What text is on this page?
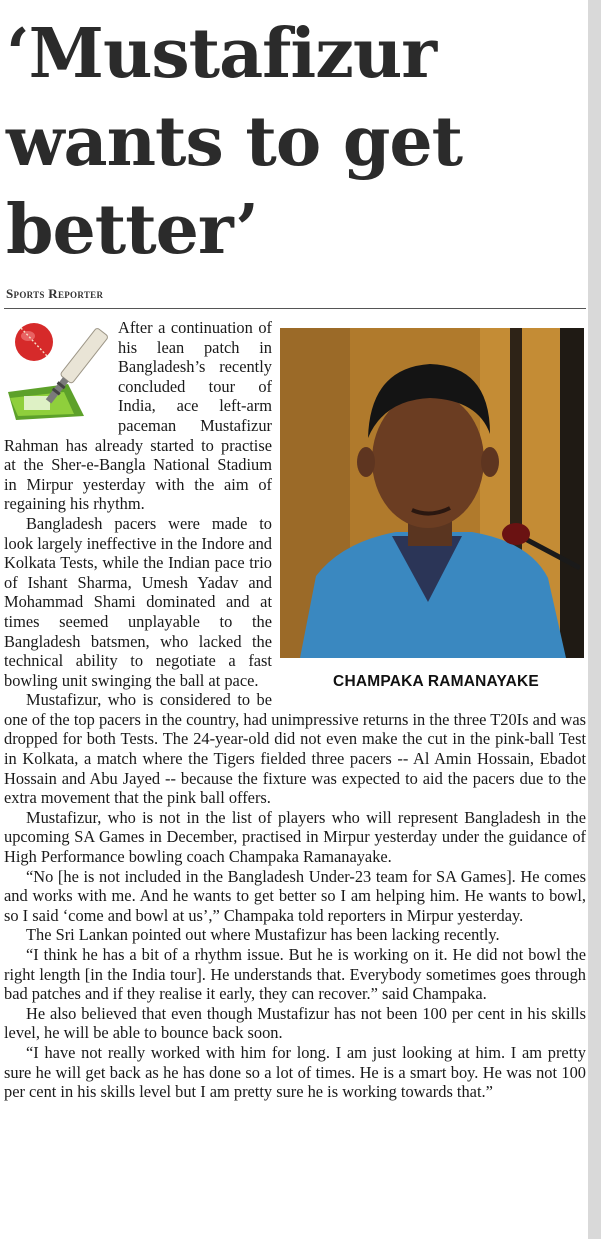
‘Mustafizur wants to get better’
Sports Reporter
CHAMPAKA RAMANAYAKE

After a continuation of his lean patch in Bangladesh’s recently concluded tour of India, ace left-arm paceman Mustafizur Rahman has already started to practise at the Sher-e-Bangla National Stadium in Mirpur yesterday with the aim of regaining his rhythm.

Bangladesh pacers were made to look largely ineffective in the Indore and Kolkata Tests, while the Indian pace trio of Ishant Sharma, Umesh Yadav and Mohammad Shami dominated and at times seemed unplayable to the Bangladesh batsmen, who lacked the technical ability to negotiate a fast bowling unit swinging the ball at pace.

Mustafizur, who is considered to be one of the top pacers in the country, had unimpressive returns in the three T20Is and was dropped for both Tests. The 24-year-old did not even make the cut in the pink-ball Test in Kolkata, a match where the Tigers fielded three pacers -- Al Amin Hossain, Ebadot Hossain and Abu Jayed -- because the fixture was expected to aid the pacers due to the extra movement that the pink ball offers.

Mustafizur, who is not in the list of players who will represent Bangladesh in the upcoming SA Games in December, practised in Mirpur yesterday under the guidance of High Performance bowling coach Champaka Ramanayake.

“No [he is not included in the Bangladesh Under-23 team for SA Games]. He comes and works with me. And he wants to get better so I am helping him. He wants to bowl, so I said ‘come and bowl at us’,” Champaka told reporters in Mirpur yesterday.

The Sri Lankan pointed out where Mustafizur has been lacking recently.

“I think he has a bit of a rhythm issue. But he is working on it. He did not bowl the right length [in the India tour]. He understands that. Everybody sometimes goes through bad patches and if they realise it early, they can recover.” said Champaka.

He also believed that even though Mustafizur has not been 100 per cent in his skills level, he will be able to bounce back soon.

“I have not really worked with him for long. I am just looking at him. I am pretty sure he will get back as he has done so a lot of times. He is a smart boy. He was not 100 per cent in his skills level but I am pretty sure he is working towards that.”
